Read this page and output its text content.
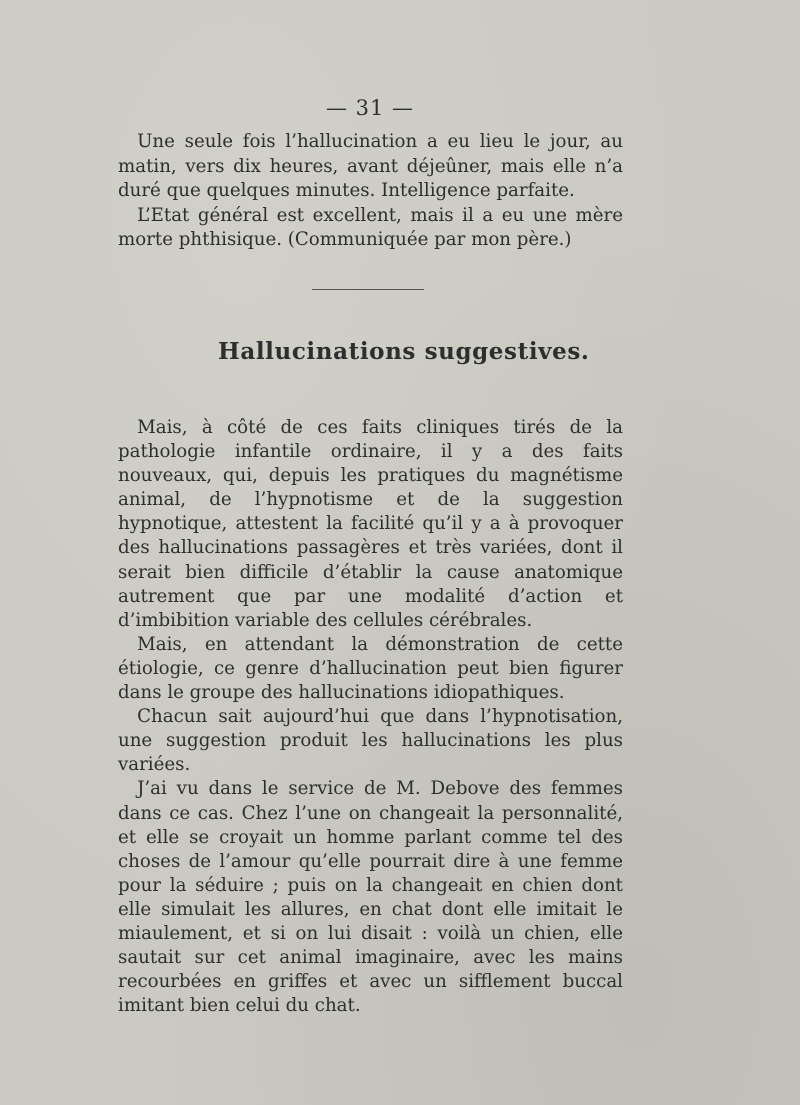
— 31 —

Une seule fois l’hallucination a eu lieu le jour, au matin, vers dix heures, avant déjeûner, mais elle n’a duré que quelques minutes. Intelligence parfaite.

L’Etat général est excellent, mais il a eu une mère morte phthisique. (Communiquée par mon père.)

Hallucinations suggestives.

Mais, à côté de ces faits cliniques tirés de la pathologie infantile ordinaire, il y a des faits nouveaux, qui, depuis les pratiques du magnétisme animal, de l’hypnotisme et de la suggestion hypnotique, attestent la facilité qu’il y a à provoquer des hallucinations passagères et très variées, dont il serait bien difficile d’établir la cause anatomique autrement que par une modalité d’action et d’imbibition variable des cellules cérébrales.

Mais, en attendant la démonstration de cette étiologie, ce genre d’hallucination peut bien figurer dans le groupe des hallucinations idiopathiques.

Chacun sait aujourd’hui que dans l’hypnotisation, une suggestion produit les hallucinations les plus variées.

J’ai vu dans le service de M. Debove des femmes dans ce cas. Chez l’une on changeait la personnalité, et elle se croyait un homme parlant comme tel des choses de l’amour qu’elle pourrait dire à une femme pour la séduire ; puis on la changeait en chien dont elle simulait les allures, en chat dont elle imitait le miaulement, et si on lui disait : voilà un chien, elle sautait sur cet animal imaginaire, avec les mains recourbées en griffes et avec un sifflement buccal imitant bien celui du chat.
